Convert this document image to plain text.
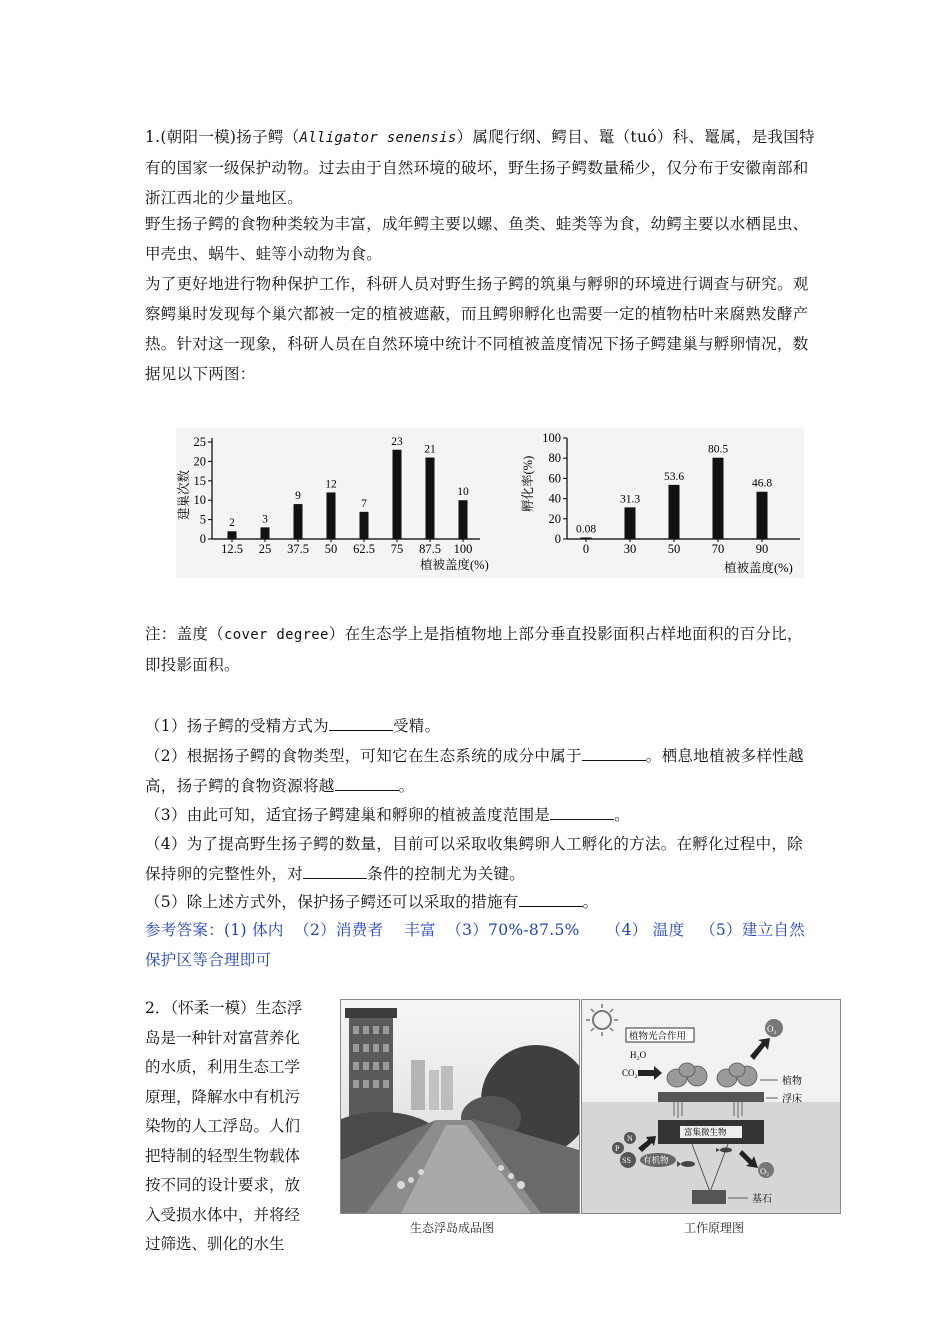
1.(朝阳一模)扬子鳄（Alligator senensis）属爬行纲、鳄目、鼍（tuó）科、鼍属，是我国特有的国家一级保护动物。过去由于自然环境的破坏，野生扬子鳄数量稀少，仅分布于安徽南部和浙江西北的少量地区。
野生扬子鳄的食物种类较为丰富，成年鳄主要以螺、鱼类、蛙类等为食，幼鳄主要以水栖昆虫、甲壳虫、蜗牛、蛙等小动物为食。
为了更好地进行物种保护工作，科研人员对野生扬子鳄的筑巢与孵卵的环境进行调查与研究。观察鳄巢时发现每个巢穴都被一定的植被遮蔽，而且鳄卵孵化也需要一定的植物枯叶来腐熟发酵产热。针对这一现象，科研人员在自然环境中统计不同植被盖度情况下扬子鳄建巢与孵卵情况，数据见以下两图：
建巢次数
植被盖度(%)
0
5
10
15
20
25
12.5
2
25
3
37.5
9
50
12
62.5
7
75
23
87.5
21
100
10	孵化率(%)
植被盖度(%)
0
20
40
60
80
100
0
0.08
30
31.3
50
53.6
70
80.5
90
46.8
注：盖度（cover degree）在生态学上是指植物地上部分垂直投影面积占样地面积的百分比，即投影面积。
（1）扬子鳄的受精方式为	受精。
（2）根据扬子鳄的食物类型，可知它在生态系统的成分中属于	。栖息地植被多样性越高，扬子鳄的食物资源将越	。
（3）由此可知，适宜扬子鳄建巢和孵卵的植被盖度范围是	。
（4）为了提高野生扬子鳄的数量，目前可以采取收集鳄卵人工孵化的方法。在孵化过程中，除保持卵的完整性外，对	条件的控制尤为关键。
（5）除上述方式外，保护扬子鳄还可以采取的措施有	。
参考答案：(1) 体内  （2）消费者    丰富  （3）70%-87.5%     （4） 温度   （5）建立自然保护区等合理即可
2．（怀柔一模）生态浮岛是一种针对富营养化的水质，利用生态工学原理，降解水中有机污染物的人工浮岛。人们把特制的轻型生物载体按不同的设计要求，放入受损水体中，并将经过筛选、驯化的水生
生态浮岛成品图
植物光合作用
H₂O
CO₂
O₂
植物
浮床
富集微生物
N
P
SS 有机物
O₂
基石
工作原理图
